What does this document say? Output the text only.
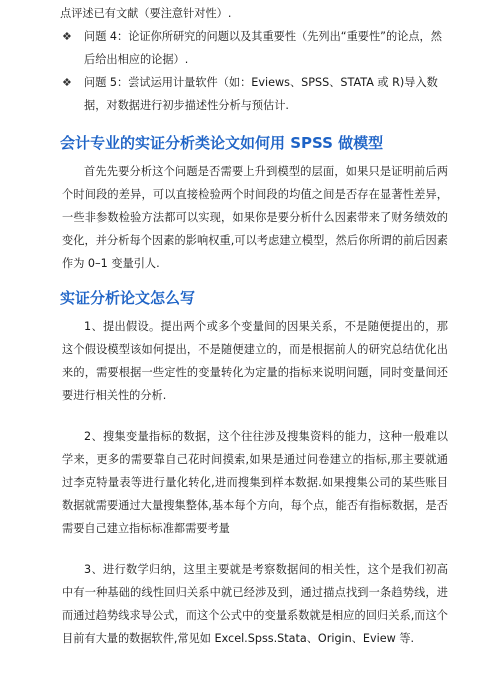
点评述已有文献（要注意针对性）.

❖	问题 4：论证你所研究的问题以及其重要性（先列出“重要性”的论点，然后给出相应的论据）.
❖	问题 5：尝试运用计量软件（如：Eviews、SPSS、STATA 或 R)导入数据，对数据进行初步描述性分析与预估计.
会计专业的实证分析类论文如何用 SPSS 做模型

首先先要分析这个问题是否需要上升到模型的层面，如果只是证明前后两个时间段的差异，可以直接检验两个时间段的均值之间是否存在显著性差异，一些非参数检验方法都可以实现，如果你是要分析什么因素带来了财务绩效的变化，并分析每个因素的影响权重,可以考虑建立模型，然后你所谓的前后因素作为 0–1 变量引人.

实证分析论文怎么写

1、提出假设。提出两个或多个变量间的因果关系，不是随便提出的，那这个假设模型该如何提出，不是随便建立的，而是根据前人的研究总结优化出来的，需要根据一些定性的变量转化为定量的指标来说明问题，同时变量间还要进行相关性的分析.

2、搜集变量指标的数据，这个往往涉及搜集资料的能力，这种一般难以学来，更多的需要靠自己花时间摸索,如果是通过问卷建立的指标,那主要就通过李克特量表等进行量化转化,进而搜集到样本数据.如果搜集公司的某些账目数据就需要通过大量搜集整体,基本每个方向，每个点，能否有指标数据，是否需要自己建立指标标准都需要考量

3、进行数学归纳，这里主要就是考察数据间的相关性，这个是我们初高中有一种基础的线性回归关系中就已经涉及到，通过描点找到一条趋势线，进而通过趋势线求导公式，而这个公式中的变量系数就是相应的回归关系,而这个目前有大量的数据软件,常见如 Excel.Spss.Stata、Origin、Eview 等.
